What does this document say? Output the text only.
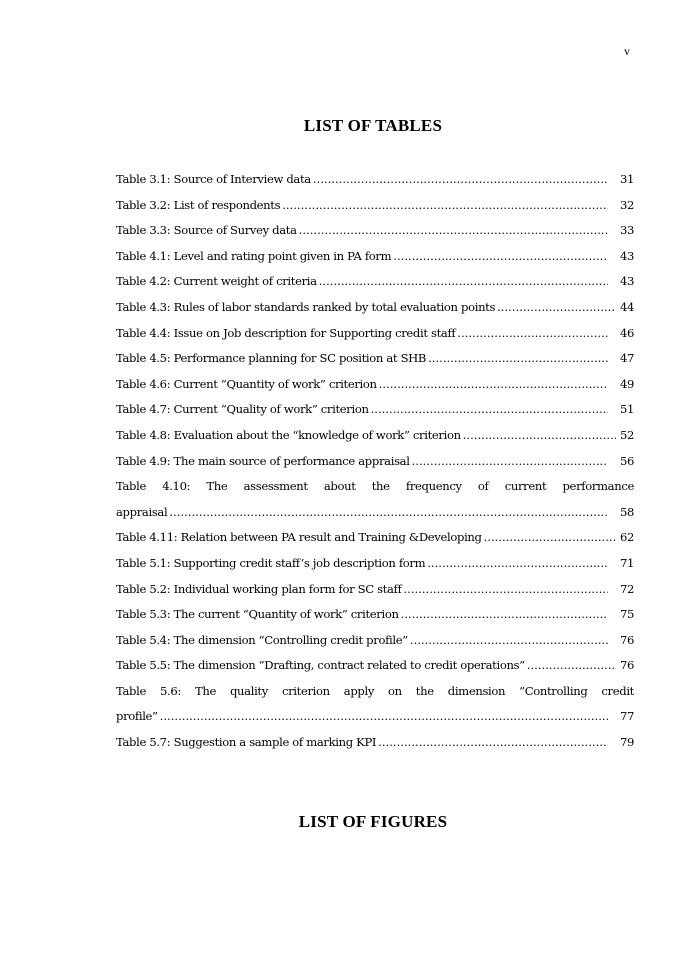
v
LIST OF TABLES
Table 3.1: Source of Interview data .....	31
Table 3.2: List of respondents .....	32
Table 3.3: Source of Survey data .....	33
Table 4.1: Level and rating point given in PA form .....	43
Table 4.2: Current weight of criteria .....	43
Table 4.3: Rules of labor standards ranked by total evaluation points .....	44
Table 4.4: Issue on Job description for Supporting credit staff .....	46
Table 4.5: Performance planning for SC position at SHB .....	47
Table 4.6: Current “Quantity of work” criterion .....	49
Table 4.7: Current “Quality of work” criterion .....	51
Table 4.8: Evaluation about the “knowledge of work” criterion .....	52
Table 4.9: The main source of performance appraisal .....	56
Table 4.10: The assessment about the frequency of current performance
appraisal .....	58
Table 4.11: Relation between PA result and Training &Developing .....	62
Table 5.1: Supporting credit staff’s job description form .....	71
Table 5.2: Individual working plan form for SC staff .....	72
Table 5.3: The current “Quantity of work” criterion .....	75
Table 5.4: The dimension “Controlling credit profile” .....	76
Table 5.5: The dimension “Drafting, contract related to credit operations” .....	76
Table 5.6: The quality criterion apply on the dimension “Controlling credit
profile” .....	77
Table 5.7: Suggestion a sample of marking KPI .....	79
LIST OF FIGURES
